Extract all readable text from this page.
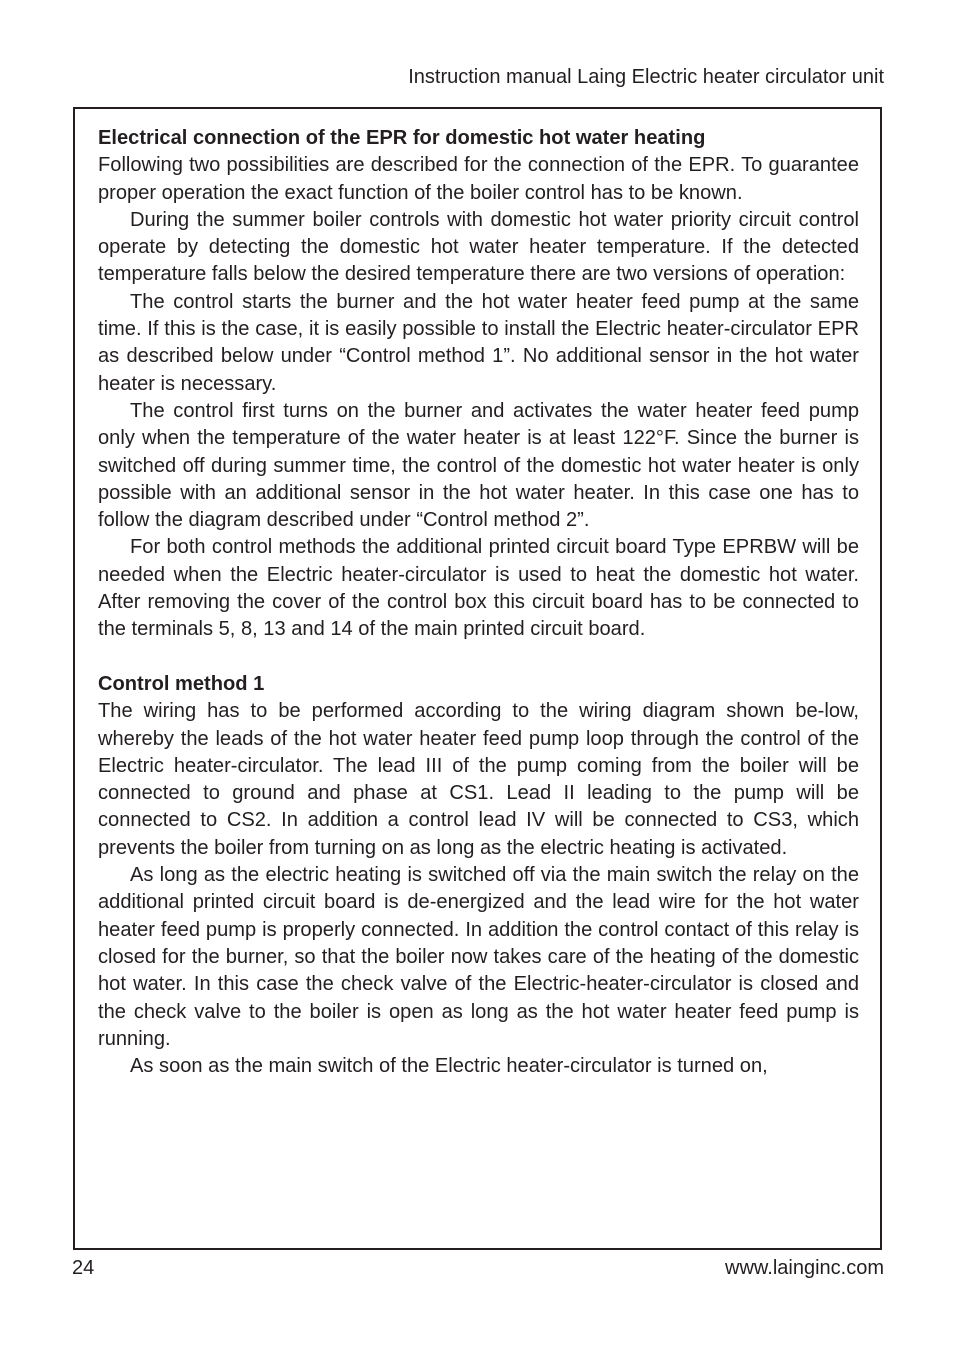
Instruction manual Laing Electric heater circulator unit
Electrical connection of the EPR for domestic hot water heating

Following two possibilities are described for the connection of the EPR. To guarantee proper operation the exact function of the boiler control has to be known.

During the summer boiler controls with domestic hot water priority circuit control operate by detecting the domestic hot water heater temperature. If the detected temperature falls below the desired temperature there are two versions of operation:

The control starts the burner and the hot water heater feed pump at the same time. If this is the case, it is easily possible to install the Electric heater-circulator EPR as described below under “Control method 1”. No additional sensor in the hot water heater is necessary.

The control first turns on the burner and activates the water heater feed pump only when the temperature of the water heater is at least 122°F. Since the burner is switched off during summer time, the control of the domestic hot water heater is only possible with an additional sensor in the hot water heater. In this case one has to follow the diagram described under “Control method 2”.

For both control methods the additional printed circuit board Type EPRBW will be needed when the Electric heater-circulator is used to heat the domestic hot water. After removing the cover of the control box this circuit board has to be connected to the terminals 5, 8, 13 and 14 of the main printed circuit board.

Control method 1

The wiring has to be performed according to the wiring diagram shown be-low, whereby the leads of the hot water heater feed pump loop through the control of the Electric heater-circulator. The lead III of the pump coming from the boiler will be connected to ground and phase at CS1. Lead II leading to the pump will be connected to CS2. In addition a control lead IV will be connected to CS3, which prevents the boiler from turning on as long as the electric heating is activated.

As long as the electric heating is switched off via the main switch the relay on the additional printed circuit board is de-energized and the lead wire for the hot water heater feed pump is properly connected. In addition the control contact of this relay is closed for the burner, so that the boiler now takes care of the heating of the domestic hot water. In this case the check valve of the Electric-heater-circulator is closed and the check valve to the boiler is open as long as the hot water heater feed pump is running.

As soon as the main switch of the Electric heater-circulator is turned on,

24	www.lainginc.com
